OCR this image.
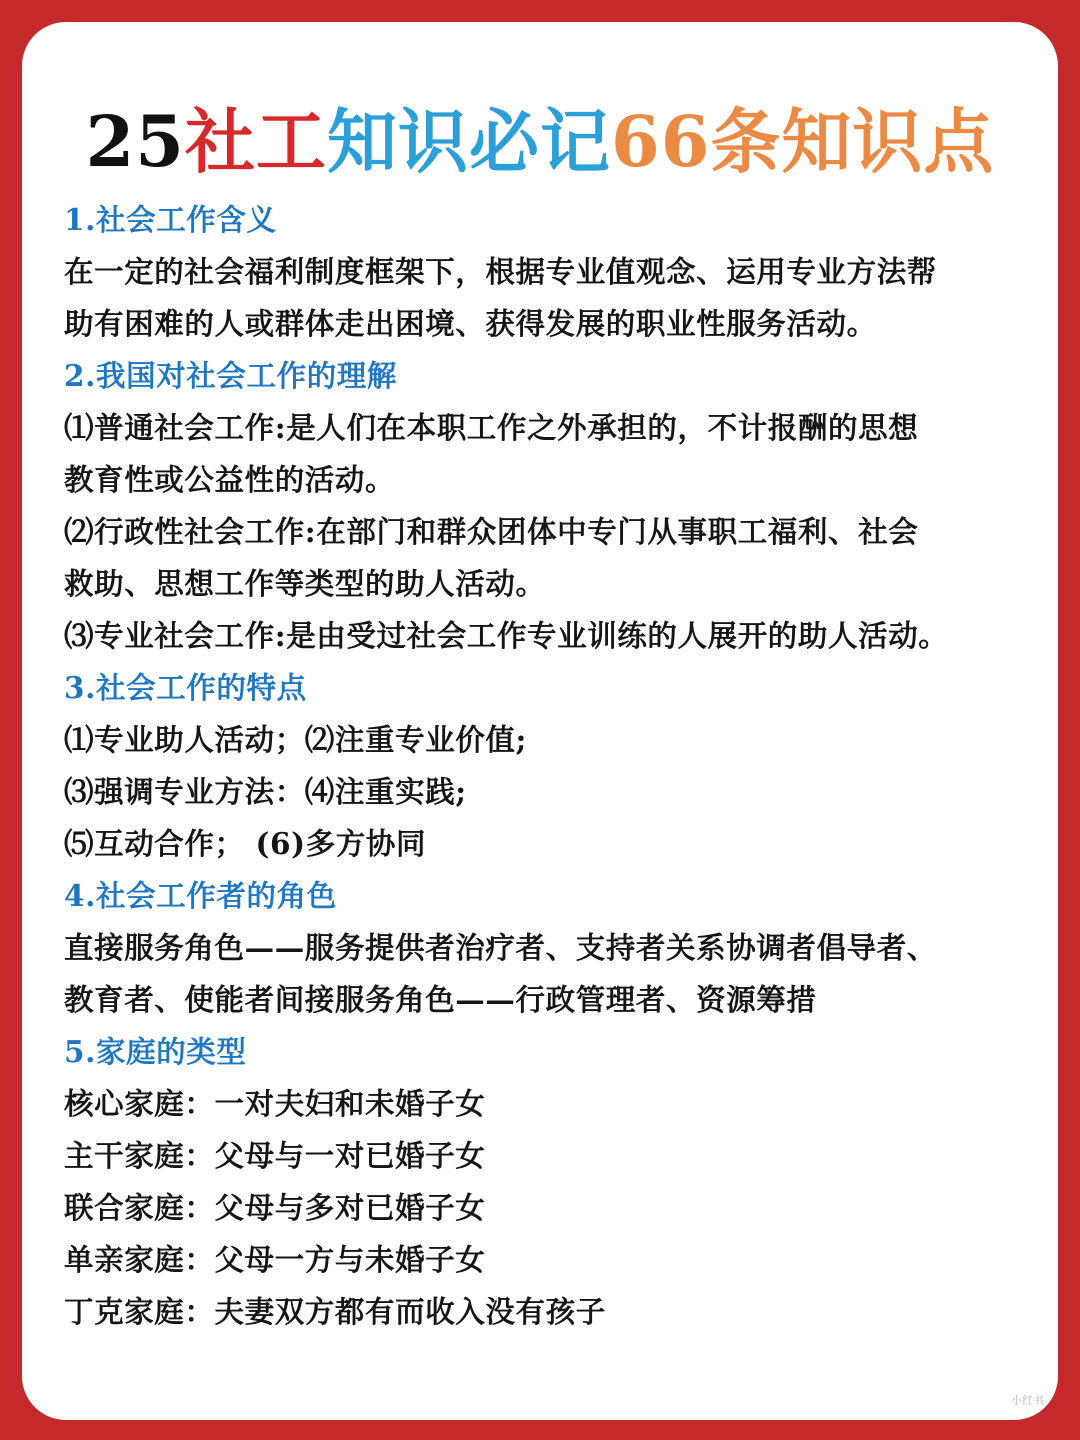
25社工知识必记66条知识点
1.社会工作含义
在一定的社会福利制度框架下，根据专业值观念、运用专业方法帮
助有困难的人或群体走出困境、获得发展的职业性服务活动。
2.我国对社会工作的理解
⑴普通社会工作:是人们在本职工作之外承担的，不计报酬的思想
教育性或公益性的活动。
⑵行政性社会工作:在部门和群众团体中专门从事职工福利、社会
救助、思想工作等类型的助人活动。
⑶专业社会工作:是由受过社会工作专业训练的人展开的助人活动。
3.社会工作的特点
⑴专业助人活动；⑵注重专业价值;
⑶强调专业方法：⑷注重实践;
⑸互动合作； (6)多方协同
4.社会工作者的角色
直接服务角色——服务提供者治疗者、支持者关系协调者倡导者、
教育者、使能者间接服务角色——行政管理者、资源筹措
5.家庭的类型
核心家庭：一对夫妇和未婚子女
主干家庭：父母与一对已婚子女
联合家庭：父母与多对已婚子女
单亲家庭：父母一方与未婚子女
丁克家庭：夫妻双方都有而收入没有孩子
小红书
